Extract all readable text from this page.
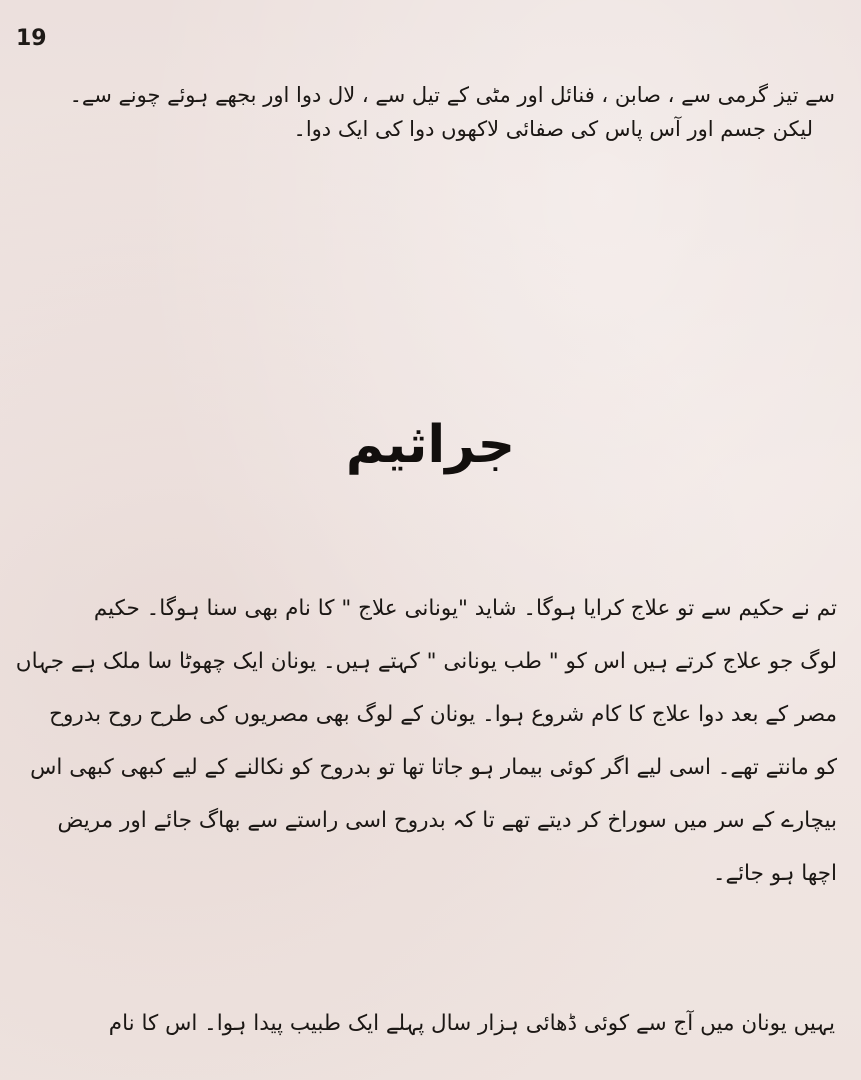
19
سے تیز گرمی سے ، صابن ، فنائل اور مٹی کے تیل سے ، لال دوا اور بجھے ہوئے چونے سے۔
لیکن جسم اور آس پاس کی صفائی لاکھوں دوا کی ایک دوا۔
جراثیم
تم نے حکیم سے تو علاج کرایا ہوگا۔ شاید "یونانی علاج " کا نام بھی سنا ہوگا۔ حکیم
لوگ جو علاج کرتے ہیں اس کو " طب یونانی " کہتے ہیں۔ یونان ایک چھوٹا سا ملک ہے جہاں
مصر کے بعد دوا علاج کا کام شروع ہوا۔ یونان کے لوگ بھی مصریوں کی طرح روح بدروح
کو مانتے تھے۔ اسی لیے اگر کوئی بیمار ہو جاتا تھا تو بدروح کو نکالنے کے لیے کبھی کبھی اس
بیچارے کے سر میں سوراخ کر دیتے تھے تا کہ بدروح اسی راستے سے بھاگ جائے اور مریض
اچھا ہو جائے۔
یہیں یونان میں آج سے کوئی ڈھائی ہزار سال پہلے ایک طبیب پیدا ہوا۔ اس کا نام
